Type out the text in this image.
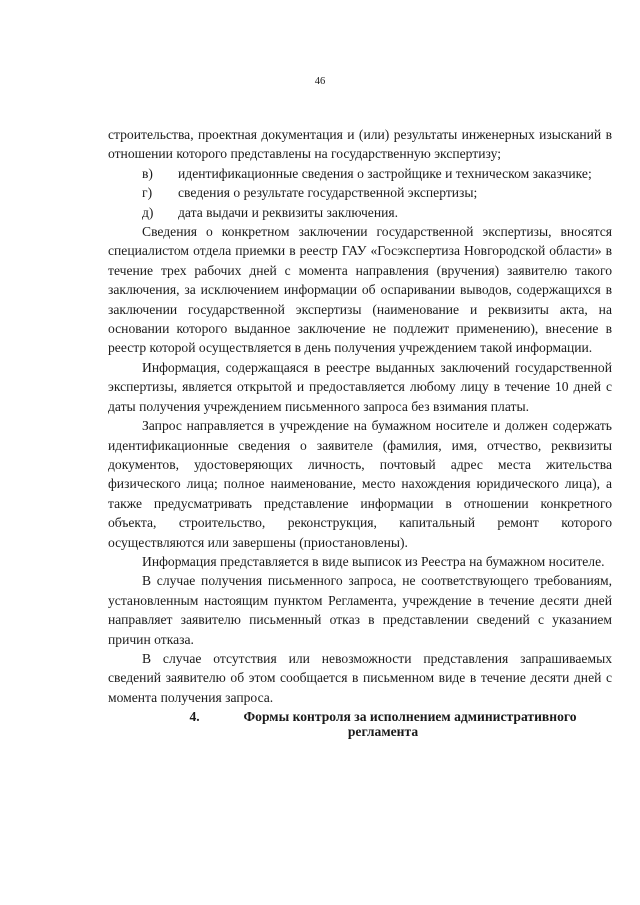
46

строительства, проектная документация и (или) результаты инженерных изысканий в отношении которого представлены на государственную экспертизу;

в)	идентификационные сведения о застройщике и техническом заказчике;
г)	сведения о результате государственной экспертизы;
д)	дата выдачи и реквизиты заключения.

Сведения о конкретном заключении государственной экспертизы, вносятся специалистом отдела приемки в реестр ГАУ «Госэкспертиза Новгородской области» в течение трех рабочих дней с момента направления (вручения) заявителю такого заключения, за исключением информации об оспаривании выводов, содержащихся в заключении государственной экспертизы (наименование и реквизиты акта, на основании которого выданное заключение не подлежит применению), внесение в реестр которой осуществляется в день получения учреждением такой информации.

Информация, содержащаяся в реестре выданных заключений государственной экспертизы, является открытой и предоставляется любому лицу в течение 10 дней с даты получения учреждением письменного запроса без взимания платы.

Запрос направляется в учреждение на бумажном носителе и должен содержать идентификационные сведения о заявителе (фамилия, имя, отчество, реквизиты документов, удостоверяющих личность, почтовый адрес места жительства физического лица; полное наименование, место нахождения юридического лица), а также предусматривать представление информации в отношении конкретного объекта, строительство, реконструкция, капитальный ремонт которого осуществляются или завершены (приостановлены).

Информация представляется в виде выписок из Реестра на бумажном носителе.

В случае получения письменного запроса, не соответствующего требованиям, установленным настоящим пунктом Регламента, учреждение в течение десяти дней направляет заявителю письменный отказ в представлении сведений с указанием причин отказа.

В случае отсутствия или невозможности представления запрашиваемых сведений заявителю об этом сообщается в письменном виде в течение десяти дней с момента получения запроса.

4.	Формы контроля за исполнением административного
регламента
